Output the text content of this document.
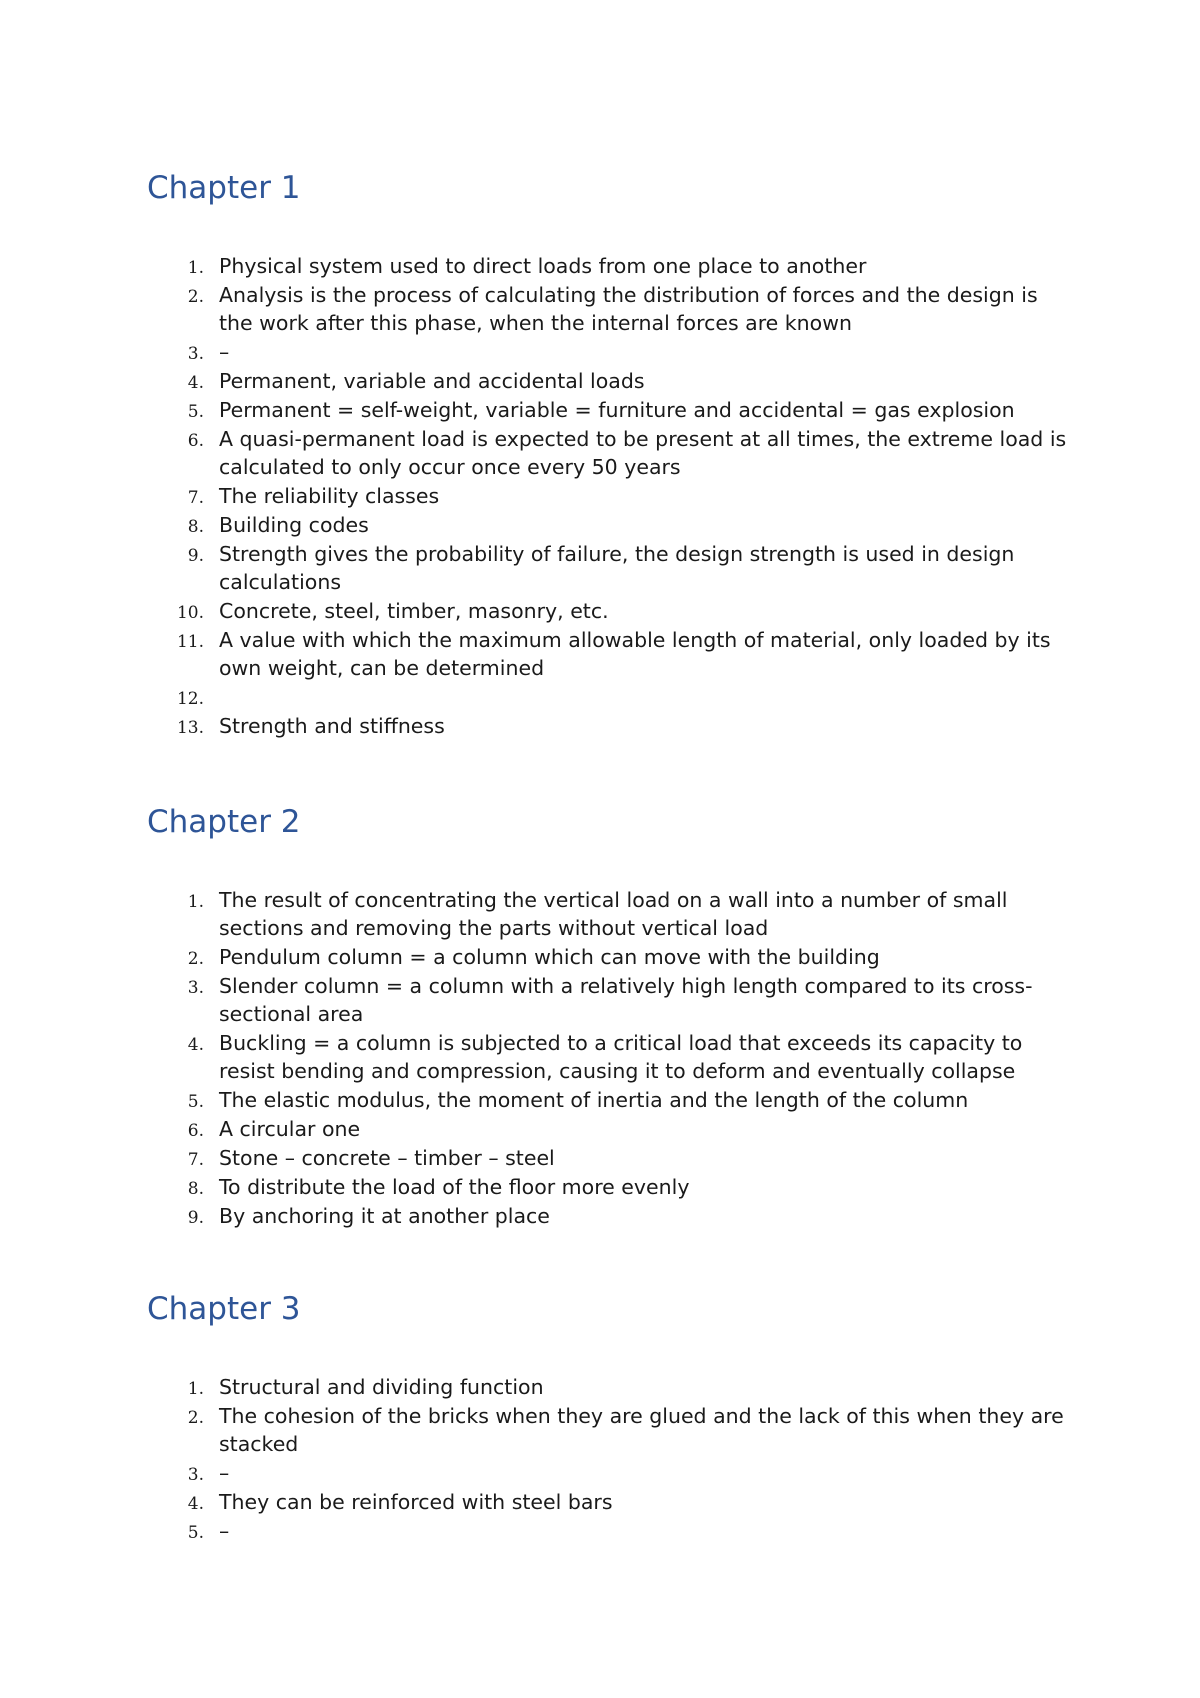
Chapter 1
1 . Physical system used to direct loads from one place to another
2 . Analysis is the process of calculating the distribution of forces and the design is the work after this phase, when the internal forces are known
3 . –
4 . Permanent, variable and accidental loads
5 . Permanent = self-weight, variable = furniture and accidental = gas explosion
6 . A quasi-permanent load is expected to be present at all times, the extreme load is calculated to only occur once every 50 years
7 . The reliability classes
8 . Building codes
9 . Strength gives the probability of failure, the design strength is used in design calculations
10 . Concrete, steel, timber, masonry, etc.
11 . A value with which the maximum allowable length of material, only loaded by its own weight, can be determined
12 .
13 . Strength and stiffness
Chapter 2
1 . The result of concentrating the vertical load on a wall into a number of small sections and removing the parts without vertical load
2 . Pendulum column = a column which can move with the building
3 . Slender column = a column with a relatively high length compared to its cross-sectional area
4 . Buckling = a column is subjected to a critical load that exceeds its capacity to resist bending and compression, causing it to deform and eventually collapse
5 . The elastic modulus, the moment of inertia and the length of the column
6 . A circular one
7 . Stone – concrete – timber – steel
8 . To distribute the load of the floor more evenly
9 . By anchoring it at another place
Chapter 3
1 . Structural and dividing function
2 . The cohesion of the bricks when they are glued and the lack of this when they are stacked
3 . –
4 . They can be reinforced with steel bars
5 . –
